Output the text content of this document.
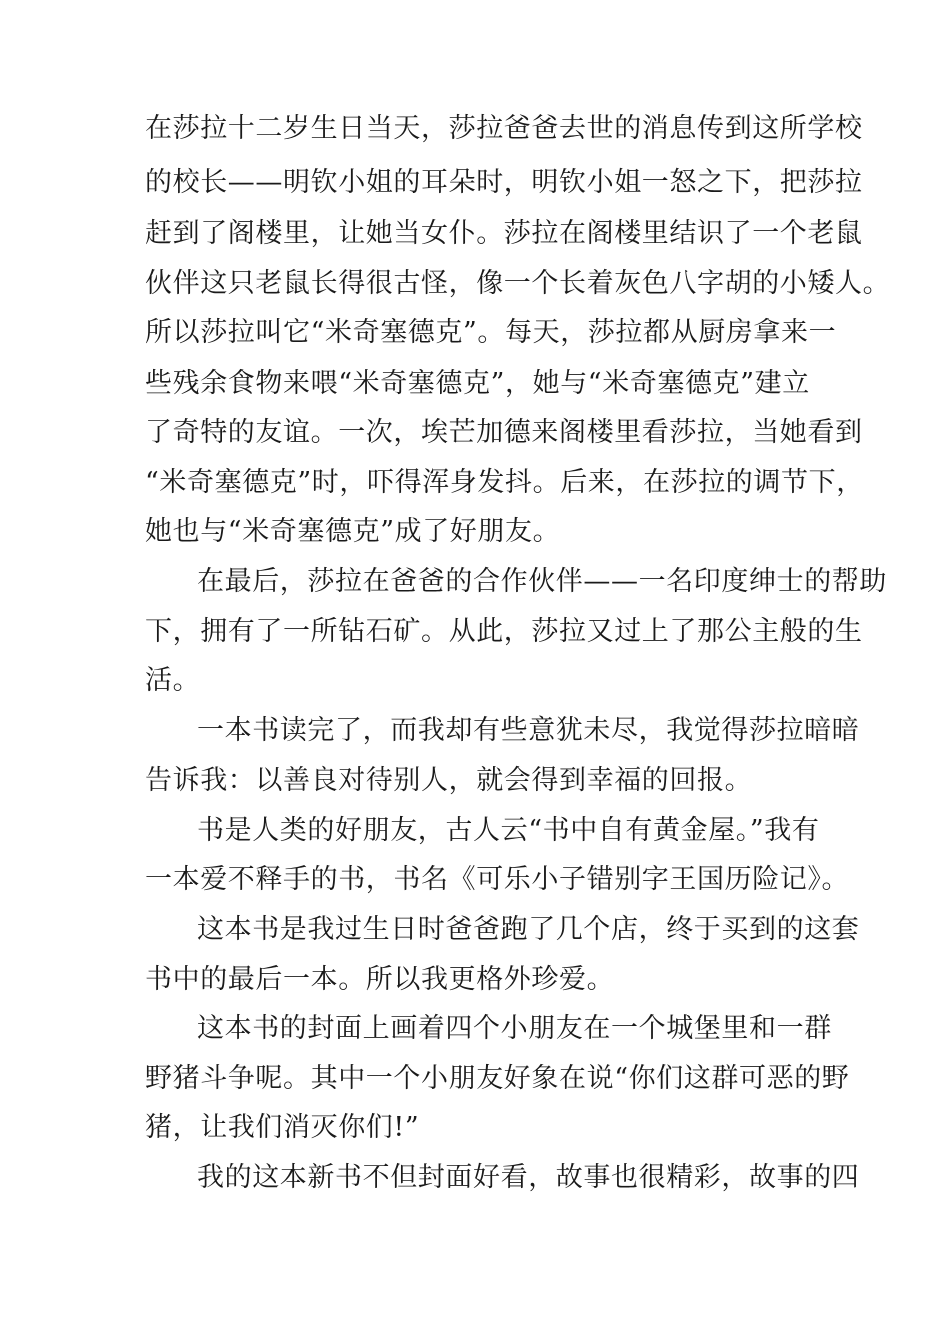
在莎拉十二岁生日当天，莎拉爸爸去世的消息传到这所学校
的校长——明钦小姐的耳朵时，明钦小姐一怒之下，把莎拉
赶到了阁楼里，让她当女仆。莎拉在阁楼里结识了一个老鼠
伙伴这只老鼠长得很古怪，像一个长着灰色八字胡的小矮人。
所以莎拉叫它“米奇塞德克”。每天，莎拉都从厨房拿来一
些残余食物来喂“米奇塞德克”，她与“米奇塞德克”建立
了奇特的友谊。一次，埃芒加德来阁楼里看莎拉，当她看到
“米奇塞德克”时，吓得浑身发抖。后来，在莎拉的调节下，
她也与“米奇塞德克”成了好朋友。
在最后，莎拉在爸爸的合作伙伴——一名印度绅士的帮助
下，拥有了一所钻石矿。从此，莎拉又过上了那公主般的生
活。
一本书读完了，而我却有些意犹未尽，我觉得莎拉暗暗
告诉我：以善良对待别人，就会得到幸福的回报。
书是人类的好朋友，古人云“书中自有黄金屋。”我有
一本爱不释手的书，书名《可乐小子错别字王国历险记》。
这本书是我过生日时爸爸跑了几个店，终于买到的这套
书中的最后一本。所以我更格外珍爱。
这本书的封面上画着四个小朋友在一个城堡里和一群
野猪斗争呢。其中一个小朋友好象在说“你们这群可恶的野
猪，让我们消灭你们!”
我的这本新书不但封面好看，故事也很精彩，故事的四
